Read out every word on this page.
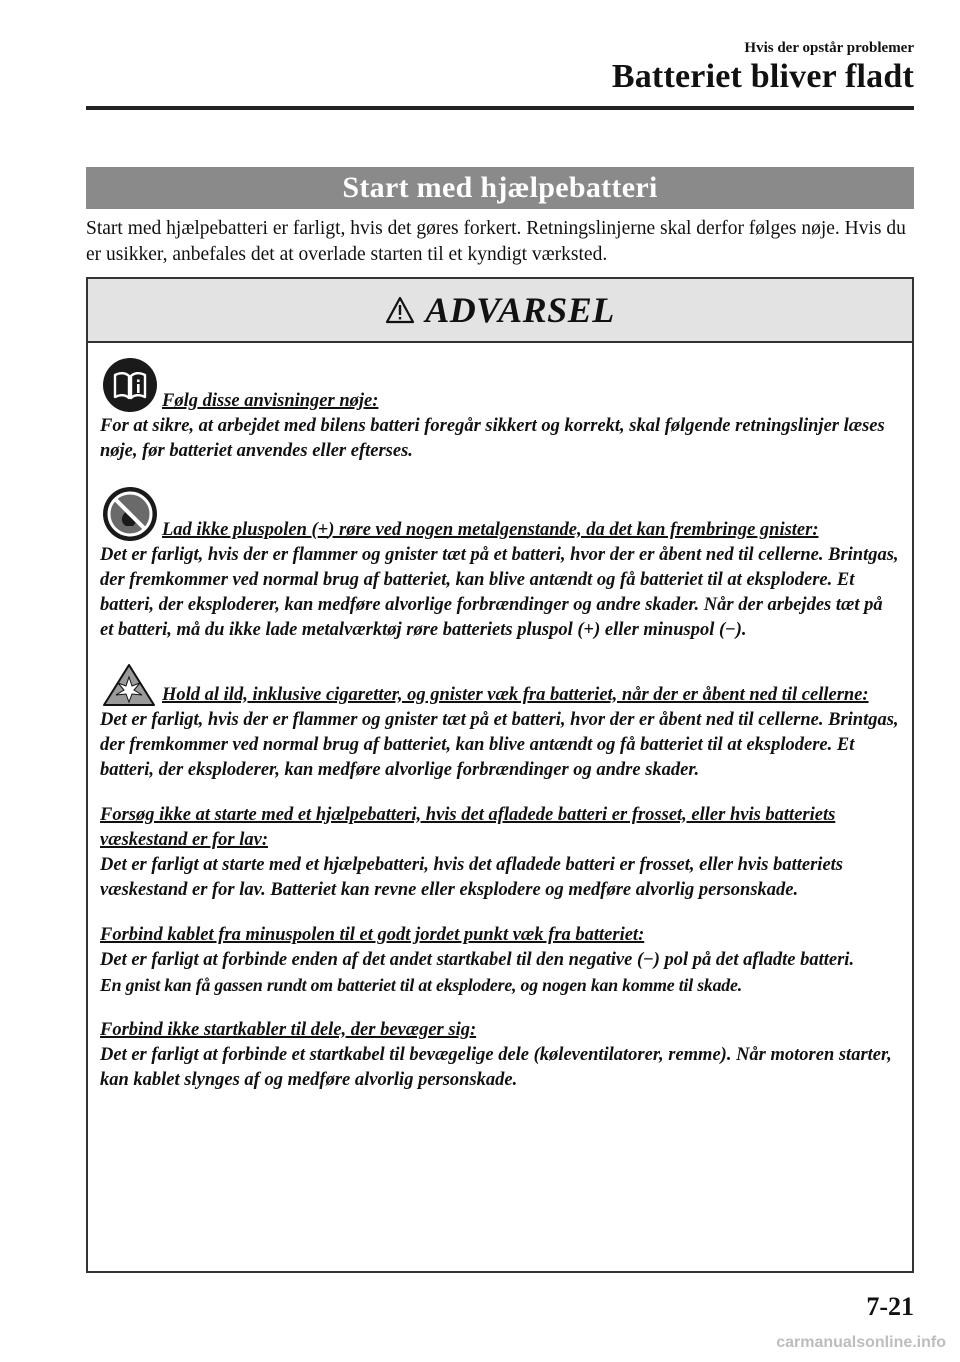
Hvis der opstår problemer
Batteriet bliver fladt
Start med hjælpebatteri
Start med hjælpebatteri er farligt, hvis det gøres forkert. Retningslinjerne skal derfor følges nøje. Hvis du er usikker, anbefales det at overlade starten til et kyndigt værksted.
ADVARSEL
Følg disse anvisninger nøje:
For at sikre, at arbejdet med bilens batteri foregår sikkert og korrekt, skal følgende retningslinjer læses nøje, før batteriet anvendes eller efterses.
Lad ikke pluspolen (+) røre ved nogen metalgenstande, da det kan frembringe gnister:
Det er farligt, hvis der er flammer og gnister tæt på et batteri, hvor der er åbent ned til cellerne. Brintgas, der fremkommer ved normal brug af batteriet, kan blive antændt og få batteriet til at eksplodere. Et batteri, der eksploderer, kan medføre alvorlige forbrændinger og andre skader. Når der arbejdes tæt på et batteri, må du ikke lade metalværktøj røre batteriets pluspol (+) eller minuspol (−).
Hold al ild, inklusive cigaretter, og gnister væk fra batteriet, når der er åbent ned til cellerne:
Det er farligt, hvis der er flammer og gnister tæt på et batteri, hvor der er åbent ned til cellerne. Brintgas, der fremkommer ved normal brug af batteriet, kan blive antændt og få batteriet til at eksplodere. Et batteri, der eksploderer, kan medføre alvorlige forbrændinger og andre skader.
Forsøg ikke at starte med et hjælpebatteri, hvis det afladede batteri er frosset, eller hvis batteriets væskestand er for lav:
Det er farligt at starte med et hjælpebatteri, hvis det afladede batteri er frosset, eller hvis batteriets væskestand er for lav. Batteriet kan revne eller eksplodere og medføre alvorlig personskade.
Forbind kablet fra minuspolen til et godt jordet punkt væk fra batteriet:
Det er farligt at forbinde enden af det andet startkabel til den negative (−) pol på det afladte batteri.
En gnist kan få gassen rundt om batteriet til at eksplodere, og nogen kan komme til skade.
Forbind ikke startkabler til dele, der bevæger sig:
Det er farligt at forbinde et startkabel til bevægelige dele (køleventilatorer, remme). Når motoren starter, kan kablet slynges af og medføre alvorlig personskade.
7-21
carmanualsonline.info
